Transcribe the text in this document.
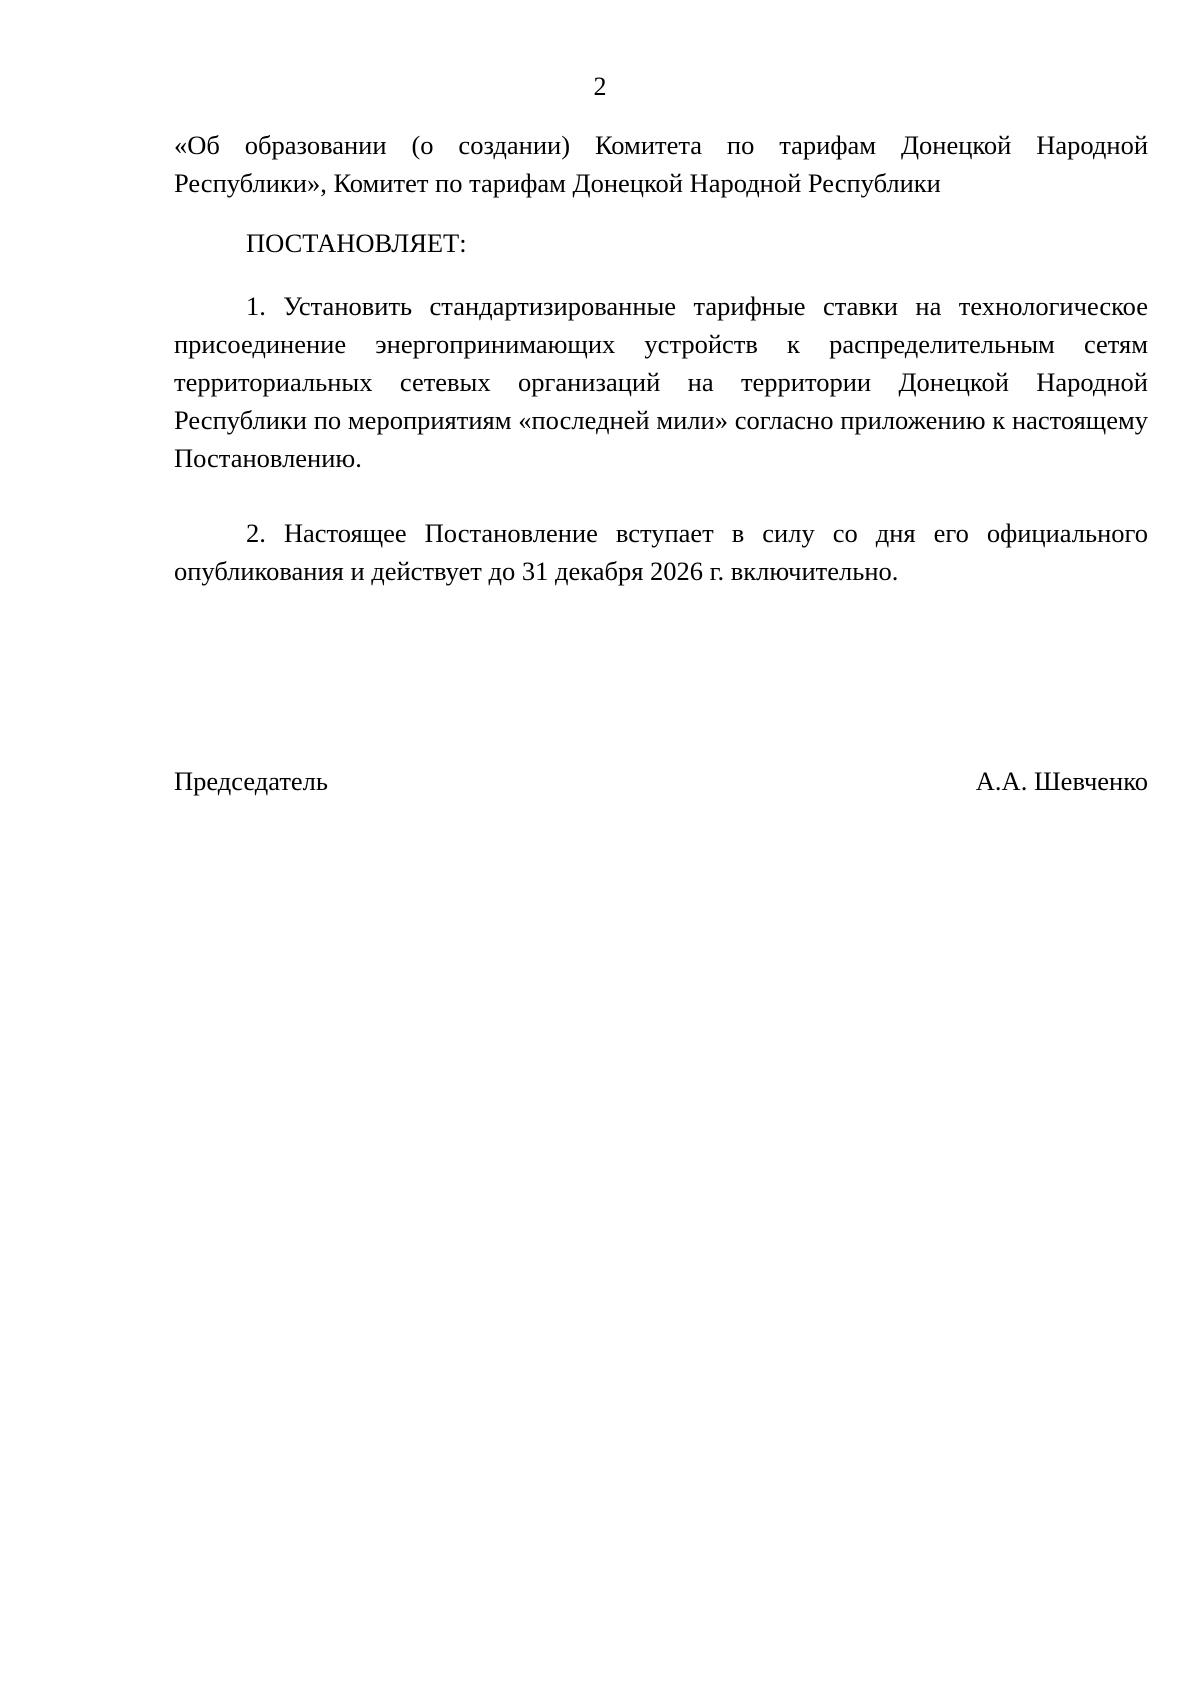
2

«Об образовании (о создании) Комитета по тарифам Донецкой Народной Республики», Комитет по тарифам Донецкой Народной Республики

ПОСТАНОВЛЯЕТ:

1. Установить стандартизированные тарифные ставки на технологическое присоединение энергопринимающих устройств к распределительным сетям территориальных сетевых организаций на территории Донецкой Народной Республики по мероприятиям «последней мили» согласно приложению к настоящему Постановлению.

2. Настоящее Постановление вступает в силу со дня его официального опубликования и действует до 31 декабря 2026 г. включительно.

Председатель	А.А. Шевченко
